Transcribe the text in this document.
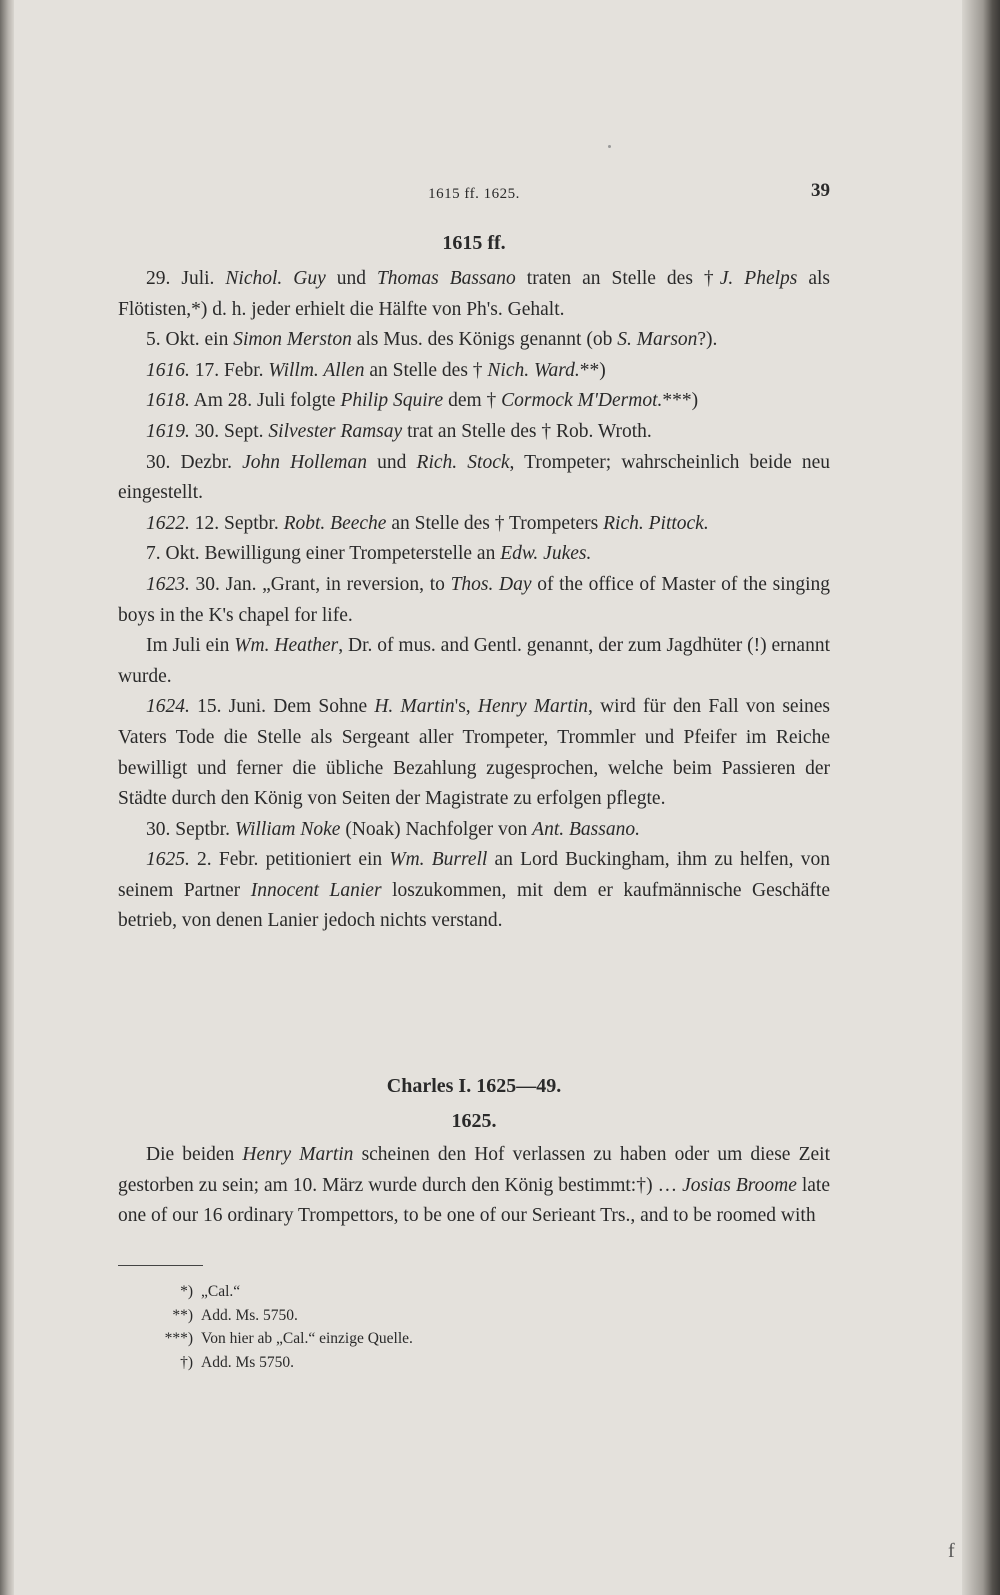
1615 ff. 1625.	39
1615 ff.

29. Juli. Nichol. Guy und Thomas Bassano traten an Stelle des †J. Phelps als Flötisten,*) d. h. jeder erhielt die Hälfte von Ph's. Gehalt.

5. Okt. ein Simon Merston als Mus. des Königs genannt (ob S. Marson?).

1616. 17. Febr. Willm. Allen an Stelle des † Nich. Ward.**)

1618. Am 28. Juli folgte Philip Squire dem † Cormock M'Dermot.***)

1619. 30. Sept. Silvester Ramsay trat an Stelle des † Rob. Wroth.

30. Dezbr. John Holleman und Rich. Stock, Trompeter; wahrscheinlich beide neu eingestellt.

1622. 12. Septbr. Robt. Beeche an Stelle des † Trompeters Rich. Pittock.

7. Okt. Bewilligung einer Trompeterstelle an Edw. Jukes.

1623. 30. Jan. „Grant, in reversion, to Thos. Day of the office of Master of the singing boys in the K's chapel for life.

Im Juli ein Wm. Heather, Dr. of mus. and Gentl. genannt, der zum Jagdhüter (!) ernannt wurde.

1624. 15. Juni. Dem Sohne H. Martin's, Henry Martin, wird für den Fall von seines Vaters Tode die Stelle als Sergeant aller Trompeter, Trommler und Pfeifer im Reiche bewilligt und ferner die übliche Bezahlung zugesprochen, welche beim Passieren der Städte durch den König von Seiten der Magistrate zu erfolgen pflegte.

30. Septbr. William Noke (Noak) Nachfolger von Ant. Bassano.

1625. 2. Febr. petitioniert ein Wm. Burrell an Lord Buckingham, ihm zu helfen, von seinem Partner Innocent Lanier loszukommen, mit dem er kaufmännische Geschäfte betrieb, von denen Lanier jedoch nichts verstand.

Charles I. 1625—49.
1625.

Die beiden Henry Martin scheinen den Hof verlassen zu haben oder um diese Zeit gestorben zu sein; am 10. März wurde durch den König bestimmt:†) … Josias Broome late one of our 16 ordinary Trompettors, to be one of our Serieant Trs., and to be roomed with

*) „Cal.“
**) Add. Ms. 5750.
***) Von hier ab „Cal.“ einzige Quelle.
†) Add. Ms 5750.
f
